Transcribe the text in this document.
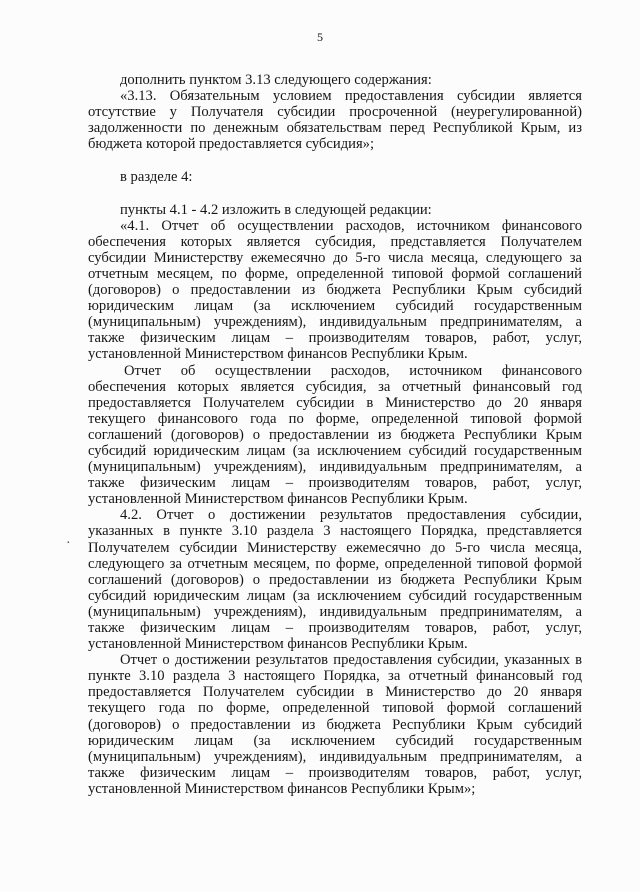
5
·

дополнить пунктом 3.13 следующего содержания:

«3.13. Обязательным условием предоставления субсидии является отсутствие у Получателя субсидии просроченной (неурегулированной) задолженности по денежным обязательствам перед Республикой Крым, из бюджета которой предоставляется субсидия»;

в разделе 4:

пункты 4.1 - 4.2 изложить в следующей редакции:

«4.1. Отчет об осуществлении расходов, источником финансового обеспечения которых является субсидия, представляется Получателем субсидии Министерству ежемесячно до 5-го числа месяца, следующего за отчетным месяцем, по форме, определенной типовой формой соглашений (договоров) о предоставлении из бюджета Республики Крым субсидий юридическим лицам (за исключением субсидий государственным (муниципальным) учреждениям), индивидуальным предпринимателям, а также физическим лицам – производителям товаров, работ, услуг, установленной Министерством финансов Республики Крым.

Отчет об осуществлении расходов, источником финансового обеспечения которых является субсидия, за отчетный финансовый год предоставляется Получателем субсидии в Министерство до 20 января текущего финансового года по форме, определенной типовой формой соглашений (договоров) о предоставлении из бюджета Республики Крым субсидий юридическим лицам (за исключением субсидий государственным (муниципальным) учреждениям), индивидуальным предпринимателям, а также физическим лицам – производителям товаров, работ, услуг, установленной Министерством финансов Республики Крым.

4.2. Отчет о достижении результатов предоставления субсидии, указанных в пункте 3.10 раздела 3 настоящего Порядка, представляется Получателем субсидии Министерству ежемесячно до 5-го числа месяца, следующего за отчетным месяцем, по форме, определенной типовой формой соглашений (договоров) о предоставлении из бюджета Республики Крым субсидий юридическим лицам (за исключением субсидий государственным (муниципальным) учреждениям), индивидуальным предпринимателям, а также физическим лицам – производителям товаров, работ, услуг, установленной Министерством финансов Республики Крым.

Отчет о достижении результатов предоставления субсидии, указанных в пункте 3.10 раздела 3 настоящего Порядка, за отчетный финансовый год предоставляется Получателем субсидии в Министерство до 20 января текущего года по форме, определенной типовой формой соглашений (договоров) о предоставлении из бюджета Республики Крым субсидий юридическим лицам (за исключением субсидий государственным (муниципальным) учреждениям), индивидуальным предпринимателям, а также физическим лицам – производителям товаров, работ, услуг, установленной Министерством финансов Республики Крым»;
